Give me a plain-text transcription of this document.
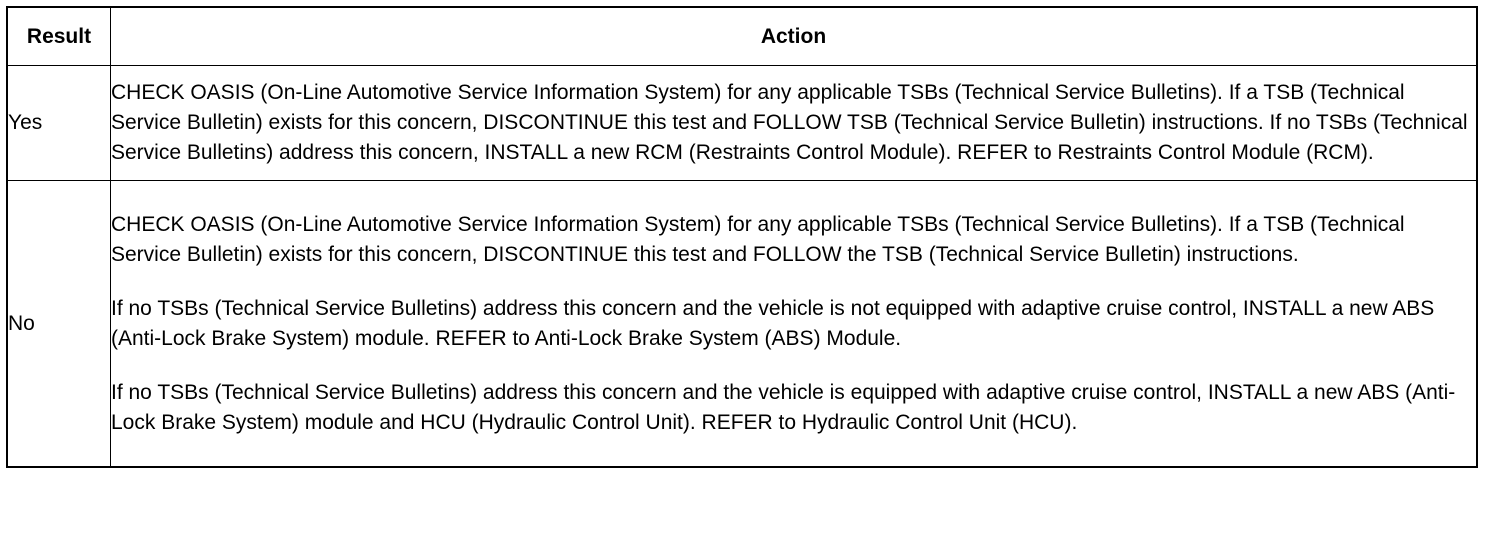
Result	Action
Yes	CHECK OASIS (On-Line Automotive Service Information System) for any applicable TSBs (Technical Service Bulletins). If a TSB (Technical Service Bulletin) exists for this concern, DISCONTINUE this test and FOLLOW TSB (Technical Service Bulletin) instructions. If no TSBs (Technical Service Bulletins) address this concern, INSTALL a new RCM (Restraints Control Module). REFER to Restraints Control Module (RCM).

No	CHECK OASIS (On-Line Automotive Service Information System) for any applicable TSBs (Technical Service Bulletins). If a TSB (Technical Service Bulletin) exists for this concern, DISCONTINUE this test and FOLLOW the TSB (Technical Service Bulletin) instructions.

If no TSBs (Technical Service Bulletins) address this concern and the vehicle is not equipped with adaptive cruise control, INSTALL a new ABS (Anti-Lock Brake System) module. REFER to Anti-Lock Brake System (ABS) Module.

If no TSBs (Technical Service Bulletins) address this concern and the vehicle is equipped with adaptive cruise control, INSTALL a new ABS (Anti-Lock Brake System) module and HCU (Hydraulic Control Unit). REFER to Hydraulic Control Unit (HCU).
